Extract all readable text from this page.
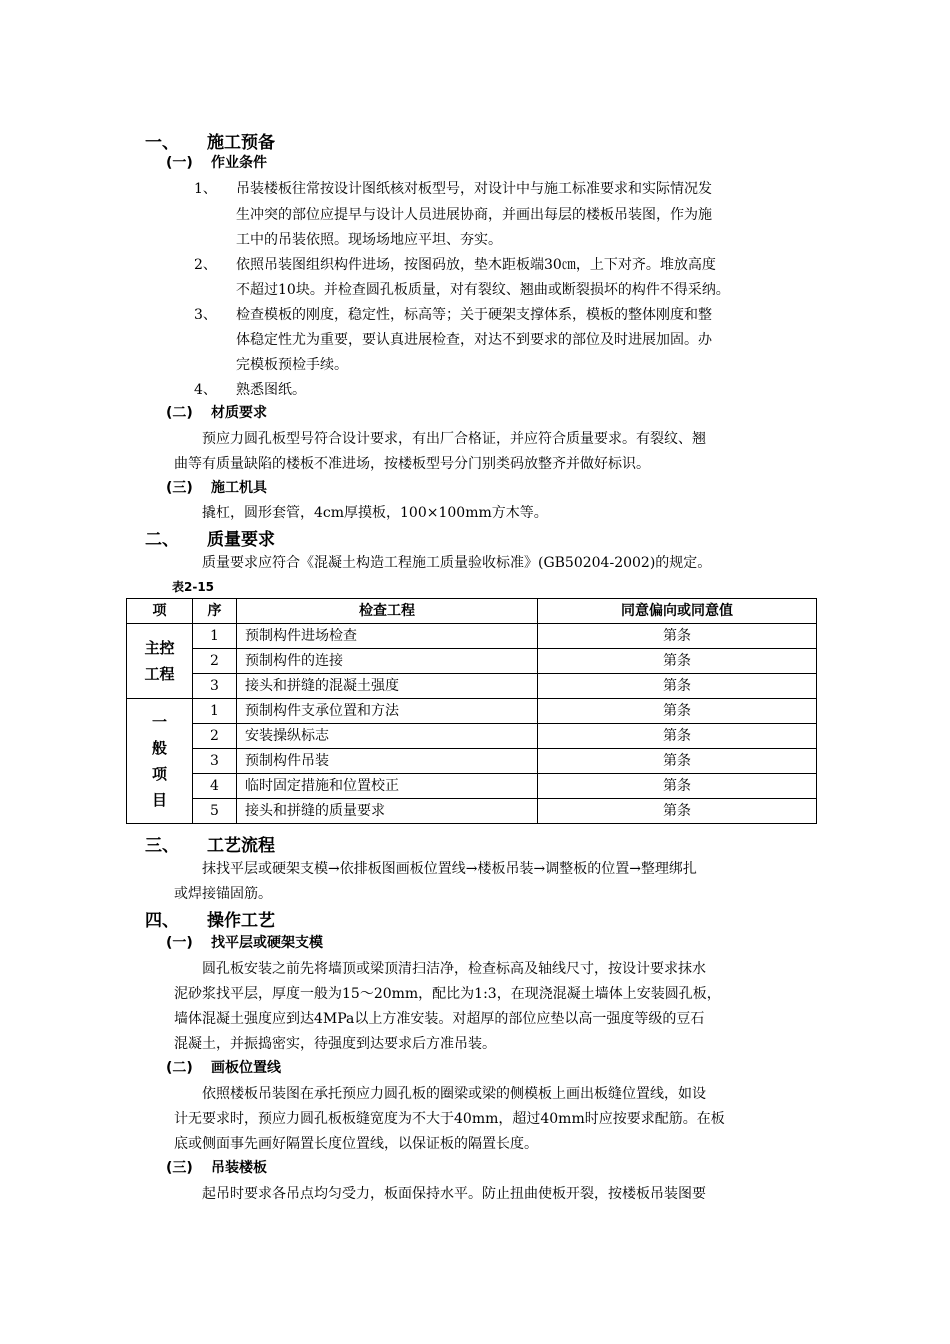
一、 施工预备
(一) 作业条件
1、 吊装楼板往常按设计图纸核对板型号，对设计中与施工标准要求和实际情况发
生冲突的部位应提早与设计人员进展协商，并画出每层的楼板吊装图，作为施
工中的吊装依照。现场场地应平坦、夯实。
2、 依照吊装图组织构件进场，按图码放，垫木距板端30㎝，上下对齐。堆放高度
不超过10块。并检查圆孔板质量，对有裂纹、翘曲或断裂损坏的构件不得采纳。
3、 检查模板的刚度，稳定性，标高等；关于硬架支撑体系，模板的整体刚度和整
体稳定性尤为重要，要认真进展检查，对达不到要求的部位及时进展加固。办
完模板预检手续。
4、 熟悉图纸。
(二) 材质要求
预应力圆孔板型号符合设计要求，有出厂合格证，并应符合质量要求。有裂纹、翘
曲等有质量缺陷的楼板不准进场，按楼板型号分门别类码放整齐并做好标识。
(三) 施工机具
撬杠，圆形套管，4cm厚摸板，100×100mm方木等。
二、 质量要求
质量要求应符合《混凝土构造工程施工质量验收标准》(GB50204-2002)的规定。
表2-15
项	序	检查工程	同意偏向或同意值
主控
工程	1	预制构件进场检查	第条
	2	预制构件的连接	第条
	3	接头和拼缝的混凝土强度	第条
一
般
项
目	1	预制构件支承位置和方法	第条
	2	安装操纵标志	第条
	3	预制构件吊装	第条
	4	临时固定措施和位置校正	第条
	5	接头和拼缝的质量要求	第条
三、 工艺流程
抹找平层或硬架支模→依排板图画板位置线→楼板吊装→调整板的位置→整理绑扎
或焊接锚固筋。
四、 操作工艺
(一) 找平层或硬架支模
圆孔板安装之前先将墙顶或梁顶清扫洁净，检查标高及轴线尺寸，按设计要求抹水
泥砂浆找平层，厚度一般为15～20mm，配比为1:3，在现浇混凝土墙体上安装圆孔板，
墙体混凝土强度应到达4MPa以上方准安装。对超厚的部位应垫以高一强度等级的豆石
混凝土，并振捣密实，待强度到达要求后方准吊装。
(二) 画板位置线
依照楼板吊装图在承托预应力圆孔板的圈梁或梁的侧模板上画出板缝位置线，如设
计无要求时，预应力圆孔板板缝宽度为不大于40mm，超过40mm时应按要求配筋。在板
底或侧面事先画好隔置长度位置线，以保证板的隔置长度。
(三) 吊装楼板
起吊时要求各吊点均匀受力，板面保持水平。防止扭曲使板开裂，按楼板吊装图要
